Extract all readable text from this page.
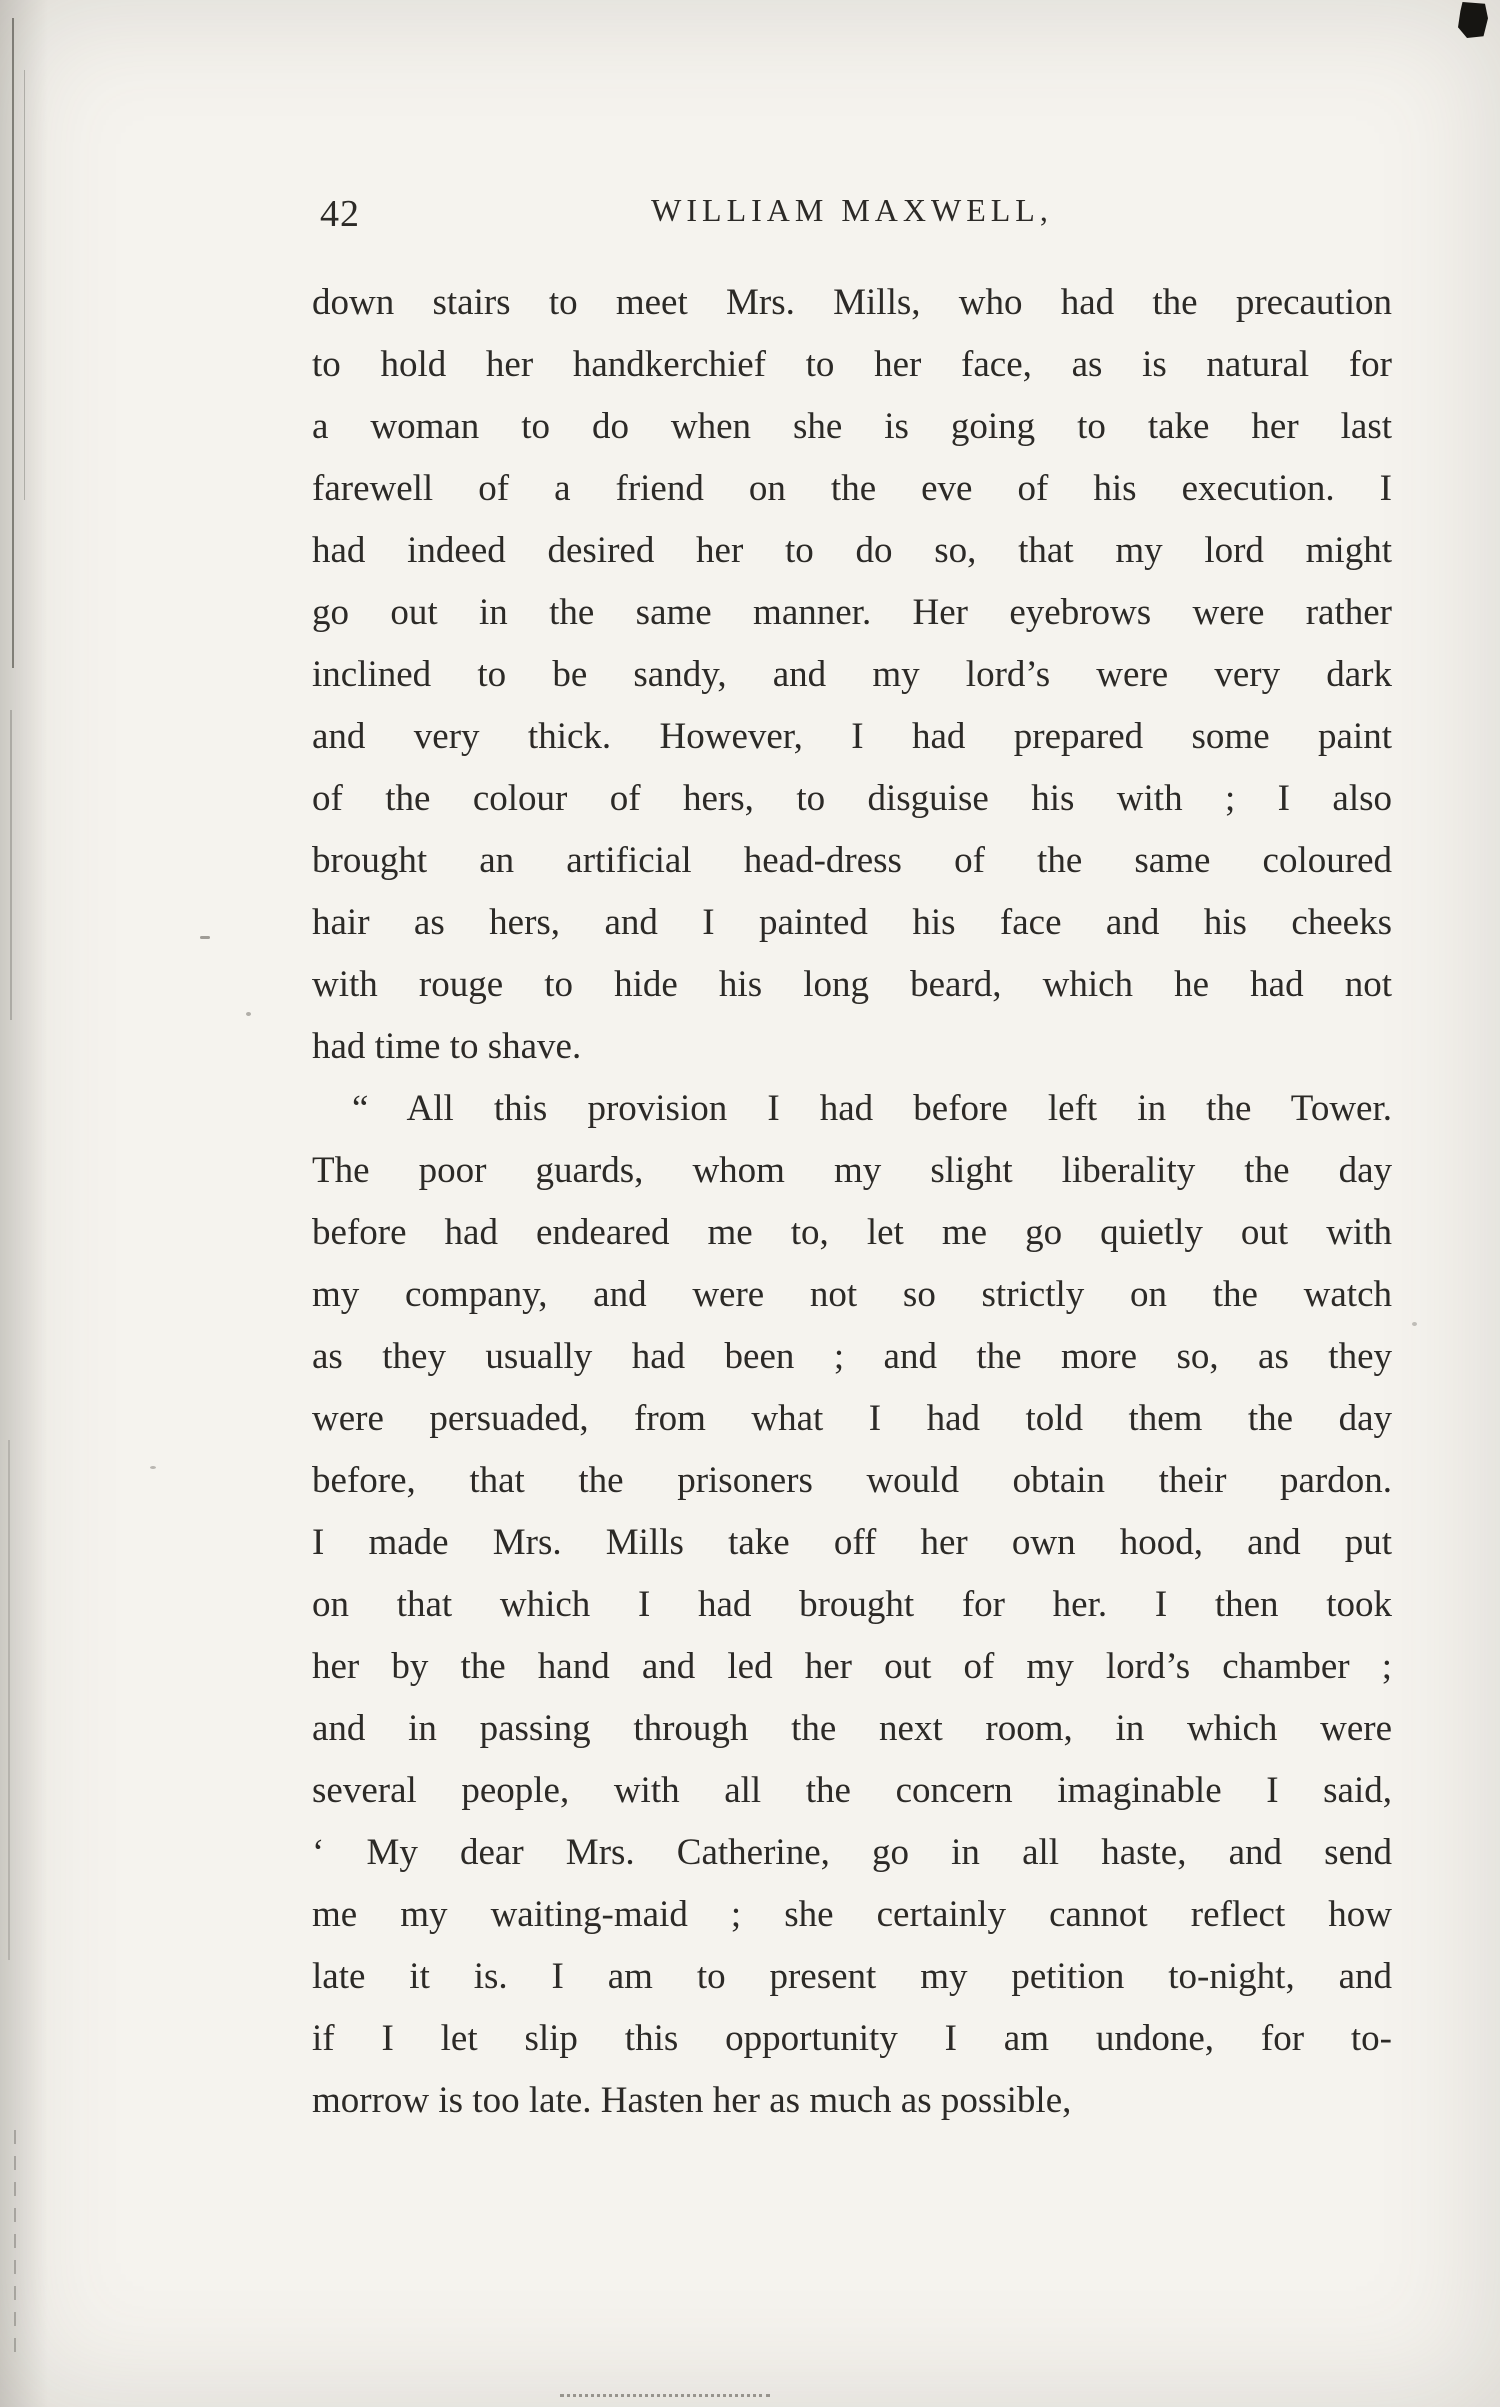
42	WILLIAM MAXWELL,
down stairs to meet Mrs. Mills, who had the precaution
to hold her handkerchief to her face, as is natural for
a woman to do when she is going to take her last
farewell of a friend on the eve of his execution. I
had indeed desired her to do so, that my lord might
go out in the same manner. Her eyebrows were rather
inclined to be sandy, and my lord’s were very dark
and very thick. However, I had prepared some paint
of the colour of hers, to disguise his with ; I also
brought an artificial head-dress of the same coloured
hair as hers, and I painted his face and his cheeks
with rouge to hide his long beard, which he had not
had time to shave.
“ All this provision I had before left in the Tower.
The poor guards, whom my slight liberality the day
before had endeared me to, let me go quietly out with
my company, and were not so strictly on the watch
as they usually had been ; and the more so, as they
were persuaded, from what I had told them the day
before, that the prisoners would obtain their pardon.
I made Mrs. Mills take off her own hood, and put
on that which I had brought for her. I then took
her by the hand and led her out of my lord’s chamber ;
and in passing through the next room, in which were
several people, with all the concern imaginable I said,
‘ My dear Mrs. Catherine, go in all haste, and send
me my waiting-maid ; she certainly cannot reflect how
late it is. I am to present my petition to-night, and
if I let slip this opportunity I am undone, for to-
morrow is too late. Hasten her as much as possible,
